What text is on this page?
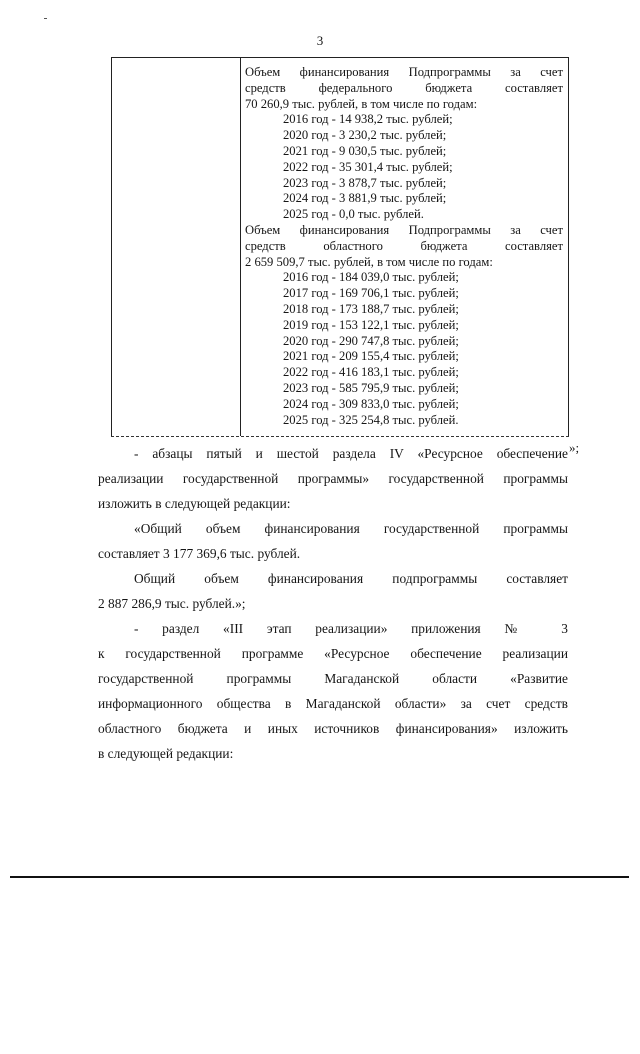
3

Объем финансирования Подпрограммы за счет

средств федерального бюджета составляет

70 260,9 тыс. рублей, в том числе по годам:

2016 год - 14 938,2 тыс. рублей;

2020 год - 3 230,2 тыс. рублей;

2021 год - 9 030,5 тыс. рублей;

2022 год - 35 301,4 тыс. рублей;

2023 год - 3 878,7 тыс. рублей;

2024 год - 3 881,9 тыс. рублей;

2025 год - 0,0 тыс. рублей.

Объем финансирования Подпрограммы за счет

средств областного бюджета составляет

2 659 509,7 тыс. рублей, в том числе по годам:

2016 год - 184 039,0 тыс. рублей;

2017 год - 169 706,1 тыс. рублей;

2018 год - 173 188,7 тыс. рублей;

2019 год - 153 122,1 тыс. рублей;

2020 год - 290 747,8 тыс. рублей;

2021 год - 209 155,4 тыс. рублей;

2022 год - 416 183,1 тыс. рублей;

2023 год - 585 795,9 тыс. рублей;

2024 год - 309 833,0 тыс. рублей;

2025 год - 325 254,8 тыс. рублей.

»;

- абзацы пятый и шестой раздела IV «Ресурсное обеспечение

реализации государственной программы» государственной программы

изложить в следующей редакции:

«Общий объем финансирования государственной программы

составляет 3 177 369,6 тыс. рублей.

Общий объем финансирования подпрограммы составляет

2 887 286,9 тыс. рублей.»;

- раздел «III этап реализации» приложения № 3

к государственной программе «Ресурсное обеспечение реализации

государственной программы Магаданской области «Развитие

информационного общества в Магаданской области» за счет средств

областного бюджета и иных источников финансирования» изложить

в следующей редакции:
